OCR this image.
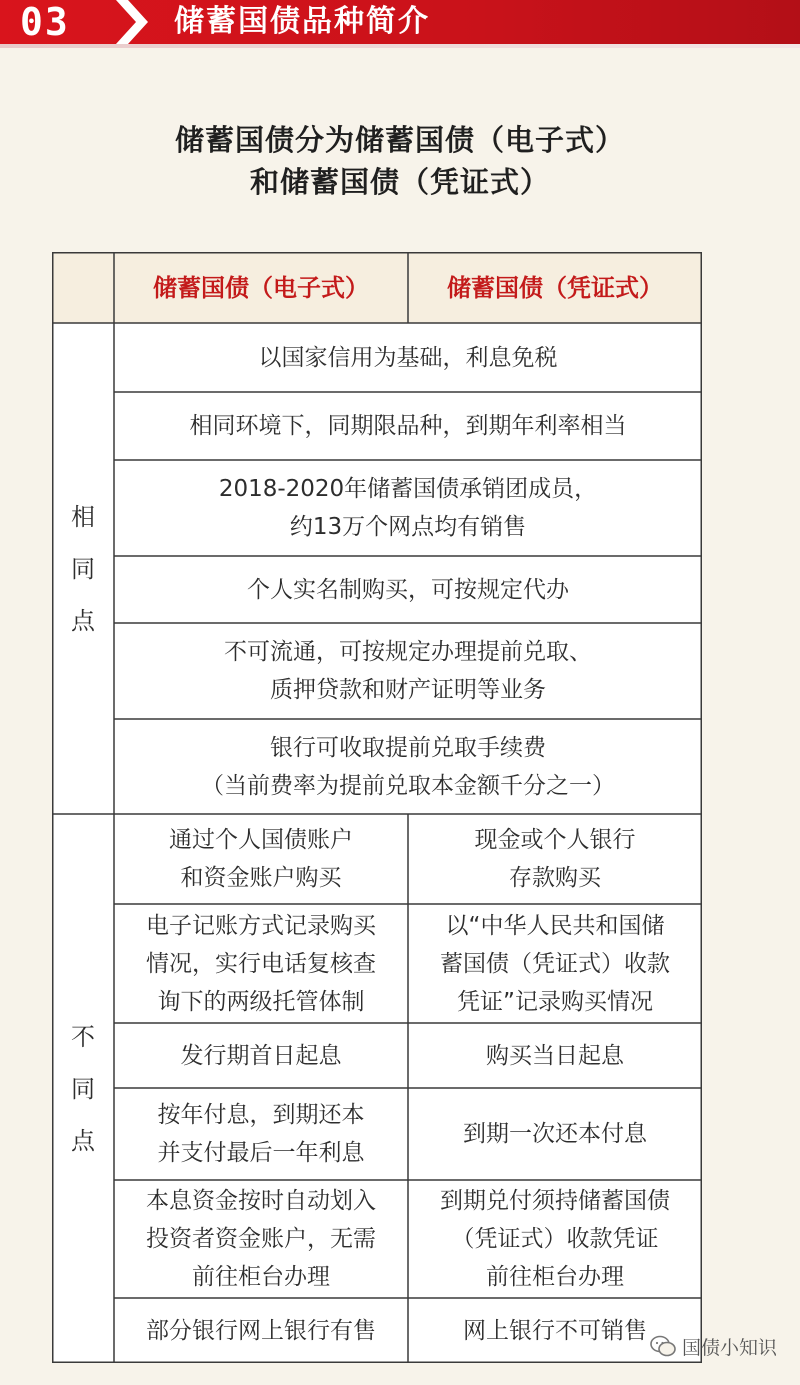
03	储蓄国债品种简介
储蓄国债分为储蓄国债（电子式）
和储蓄国债（凭证式）
储蓄国债（电子式）	储蓄国债（凭证式）
相
同
点
不
同
点
以国家信用为基础，利息免税
相同环境下，同期限品种，到期年利率相当
2018-2020年储蓄国债承销团成员，
约13万个网点均有销售
个人实名制购买，可按规定代办
不可流通，可按规定办理提前兑取、
质押贷款和财产证明等业务
银行可收取提前兑取手续费
（当前费率为提前兑取本金额千分之一）
通过个人国债账户
和资金账户购买
电子记账方式记录购买
情况，实行电话复核查
询下的两级托管体制
发行期首日起息
按年付息，到期还本
并支付最后一年利息
本息资金按时自动划入
投资者资金账户，无需
前往柜台办理
部分银行网上银行有售
现金或个人银行
存款购买
以“中华人民共和国储
蓄国债（凭证式）收款
凭证”记录购买情况
购买当日起息
到期一次还本付息
到期兑付须持储蓄国债
（凭证式）收款凭证
前往柜台办理
网上银行不可销售
国债小知识
